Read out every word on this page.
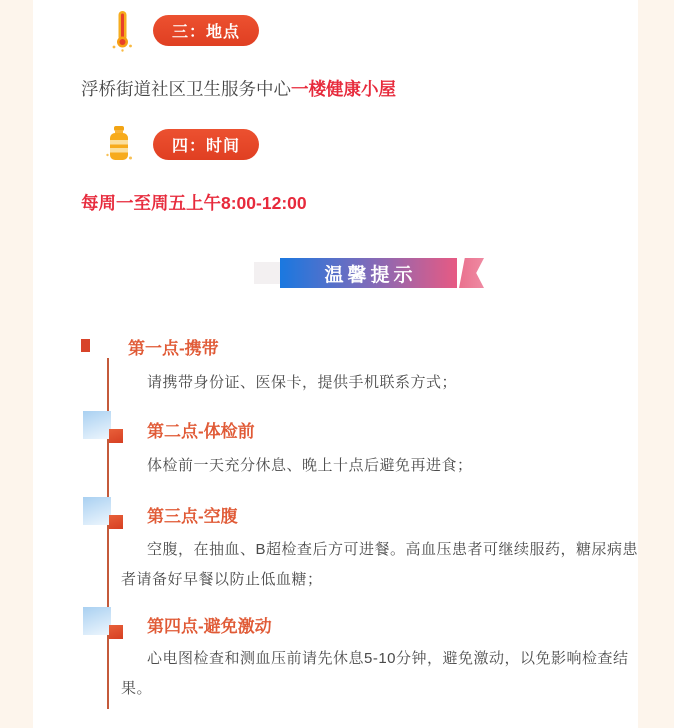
三：地点
浮桥街道社区卫生服务中心一楼健康小屋
四：时间
每周一至周五上午8:00-12:00
温馨提示
第一点-携带
请携带身份证、医保卡，提供手机联系方式；
第二点-体检前
体检前一天充分休息、晚上十点后避免再进食；
第三点-空腹
空腹，在抽血、B超检查后方可进餐。高血压患者可继续服药，糖尿病患者请备好早餐以防止低血糖；
第四点-避免激动
心电图检查和测血压前请先休息5-10分钟，避免激动，以免影响检查结果。
